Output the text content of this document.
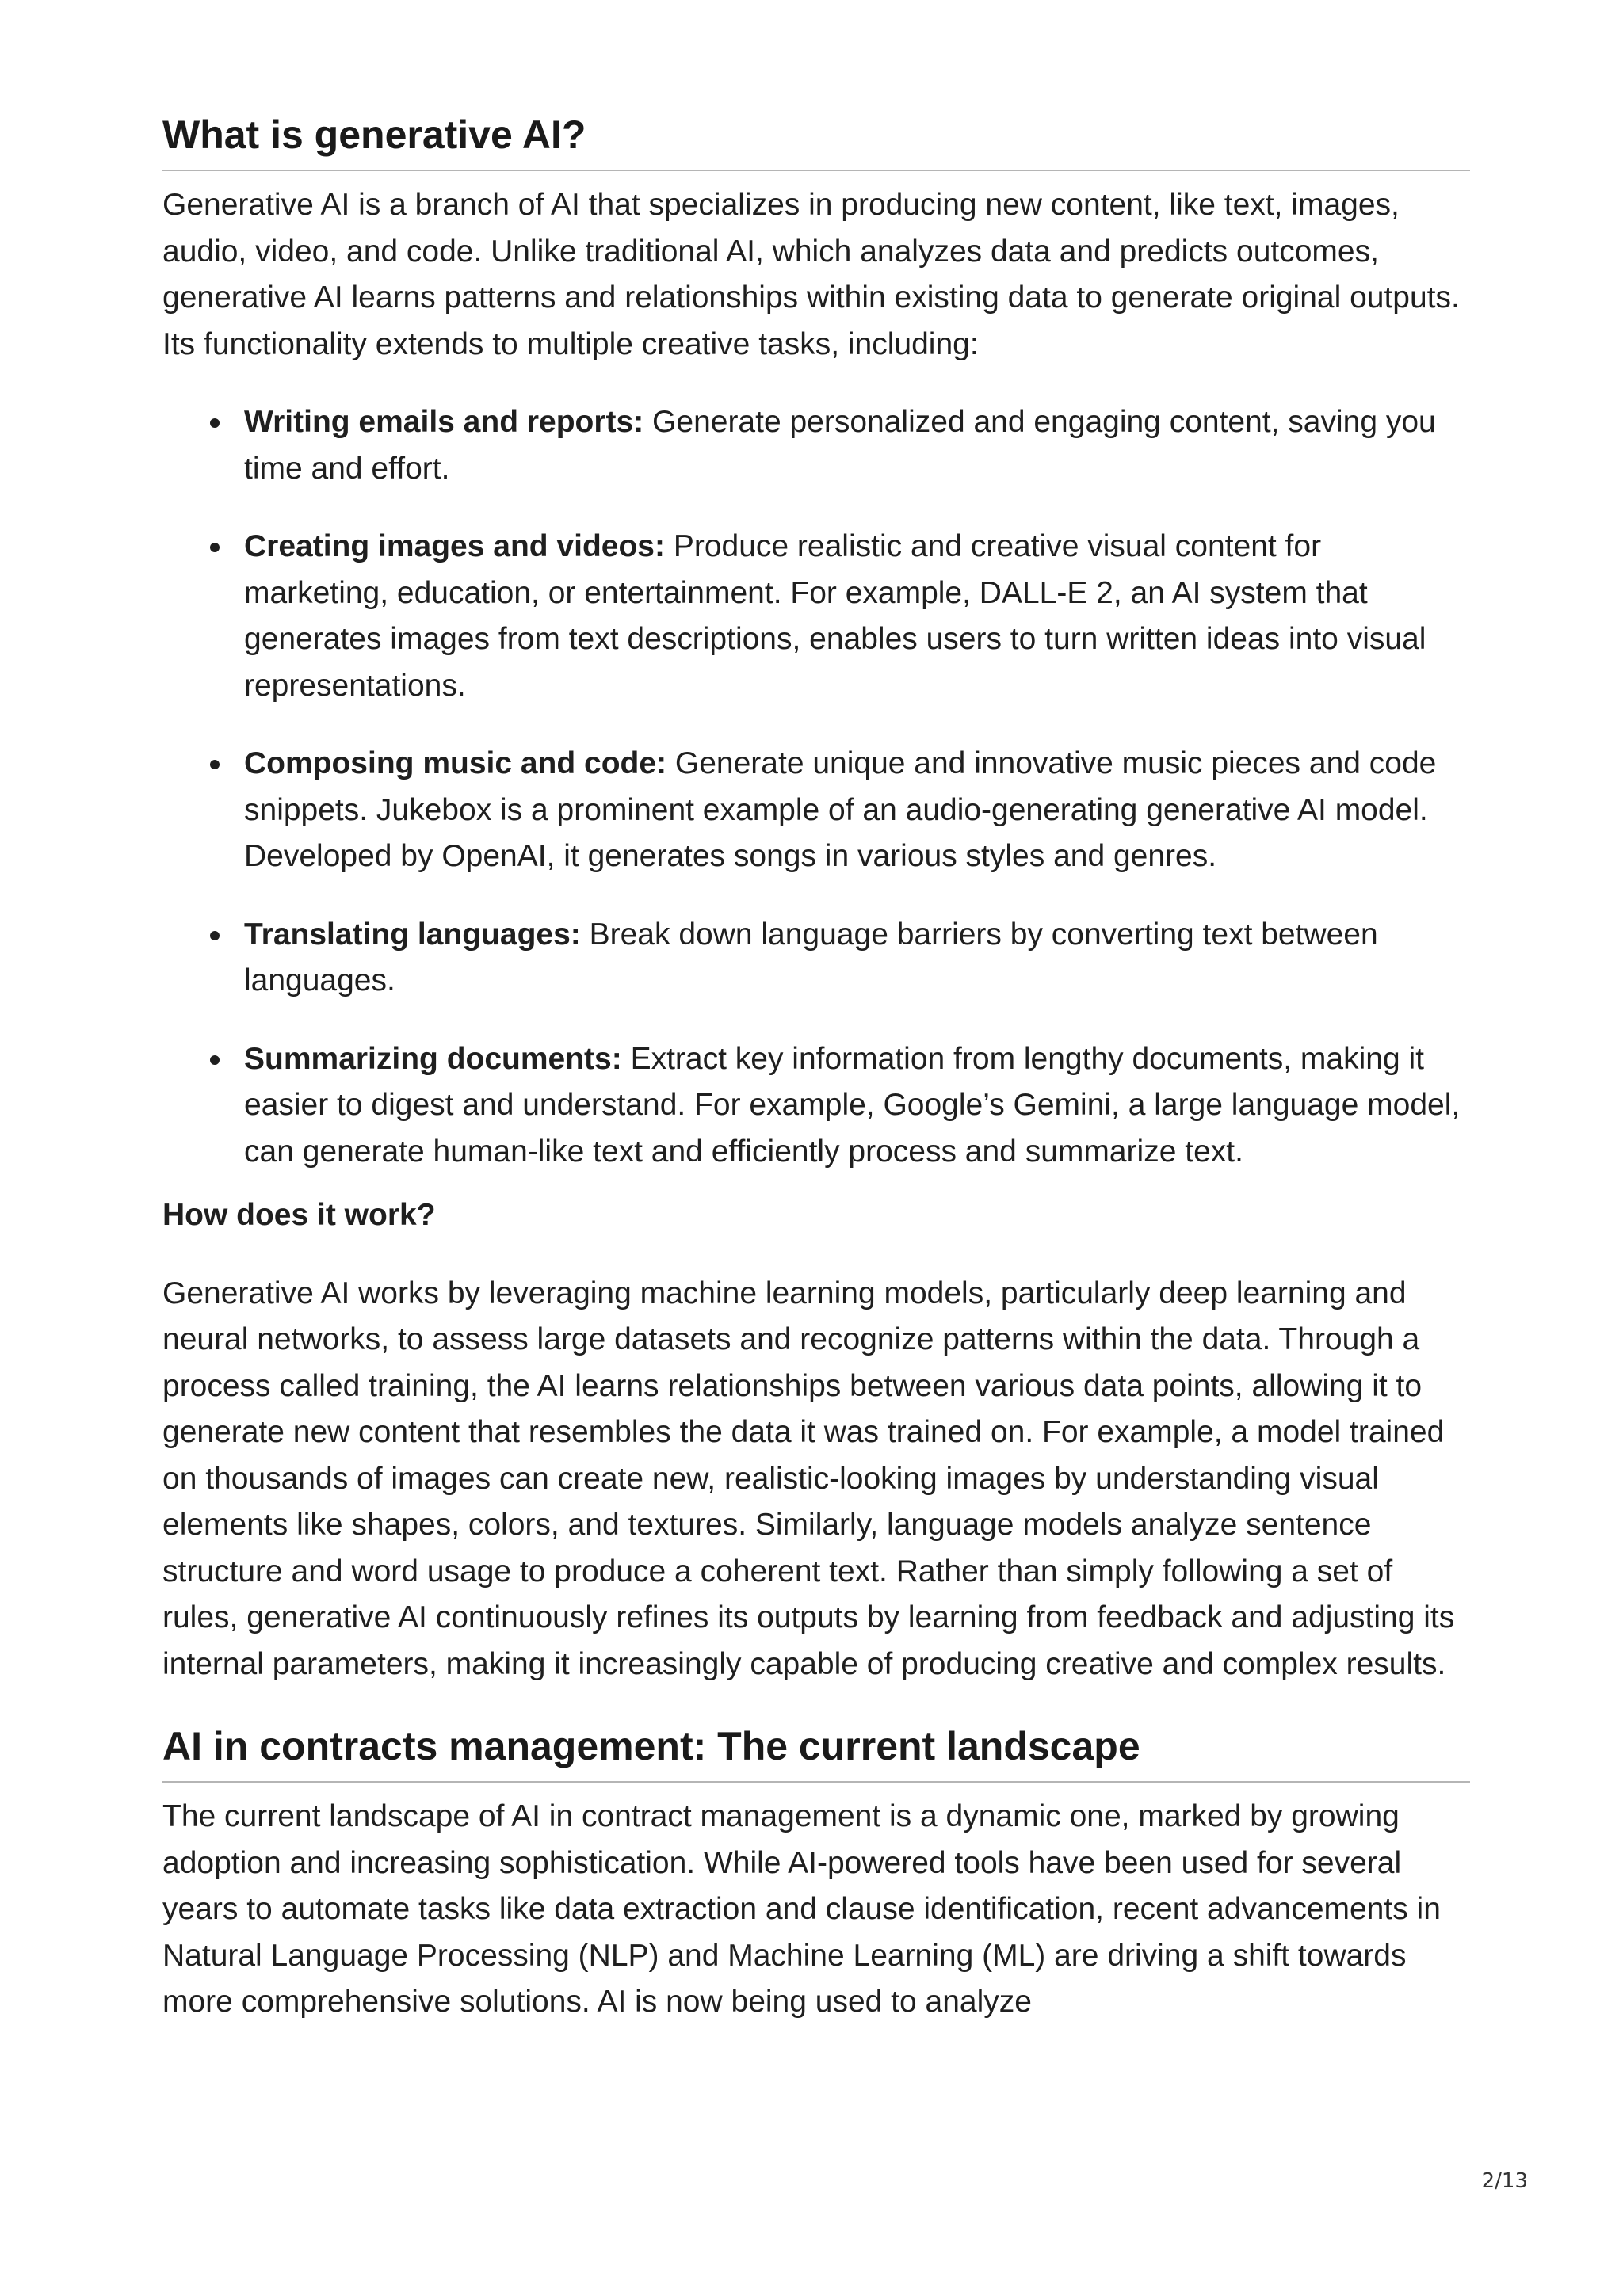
What is generative AI?

Generative AI is a branch of AI that specializes in producing new content, like text, images, audio, video, and code. Unlike traditional AI, which analyzes data and predicts outcomes, generative AI learns patterns and relationships within existing data to generate original outputs. Its functionality extends to multiple creative tasks, including:

Writing emails and reports: Generate personalized and engaging content, saving you time and effort.
Creating images and videos: Produce realistic and creative visual content for marketing, education, or entertainment. For example, DALL-E 2, an AI system that generates images from text descriptions, enables users to turn written ideas into visual representations.
Composing music and code: Generate unique and innovative music pieces and code snippets. Jukebox is a prominent example of an audio-generating generative AI model. Developed by OpenAI, it generates songs in various styles and genres.
Translating languages: Break down language barriers by converting text between languages.
Summarizing documents: Extract key information from lengthy documents, making it easier to digest and understand. For example, Google’s Gemini, a large language model, can generate human-like text and efficiently process and summarize text.

How does it work?

Generative AI works by leveraging machine learning models, particularly deep learning and neural networks, to assess large datasets and recognize patterns within the data. Through a process called training, the AI learns relationships between various data points, allowing it to generate new content that resembles the data it was trained on. For example, a model trained on thousands of images can create new, realistic-looking images by understanding visual elements like shapes, colors, and textures. Similarly, language models analyze sentence structure and word usage to produce a coherent text. Rather than simply following a set of rules, generative AI continuously refines its outputs by learning from feedback and adjusting its internal parameters, making it increasingly capable of producing creative and complex results.

AI in contracts management: The current landscape

The current landscape of AI in contract management is a dynamic one, marked by growing adoption and increasing sophistication. While AI-powered tools have been used for several years to automate tasks like data extraction and clause identification, recent advancements in Natural Language Processing (NLP) and Machine Learning (ML) are driving a shift towards more comprehensive solutions. AI is now being used to analyze

2/13
